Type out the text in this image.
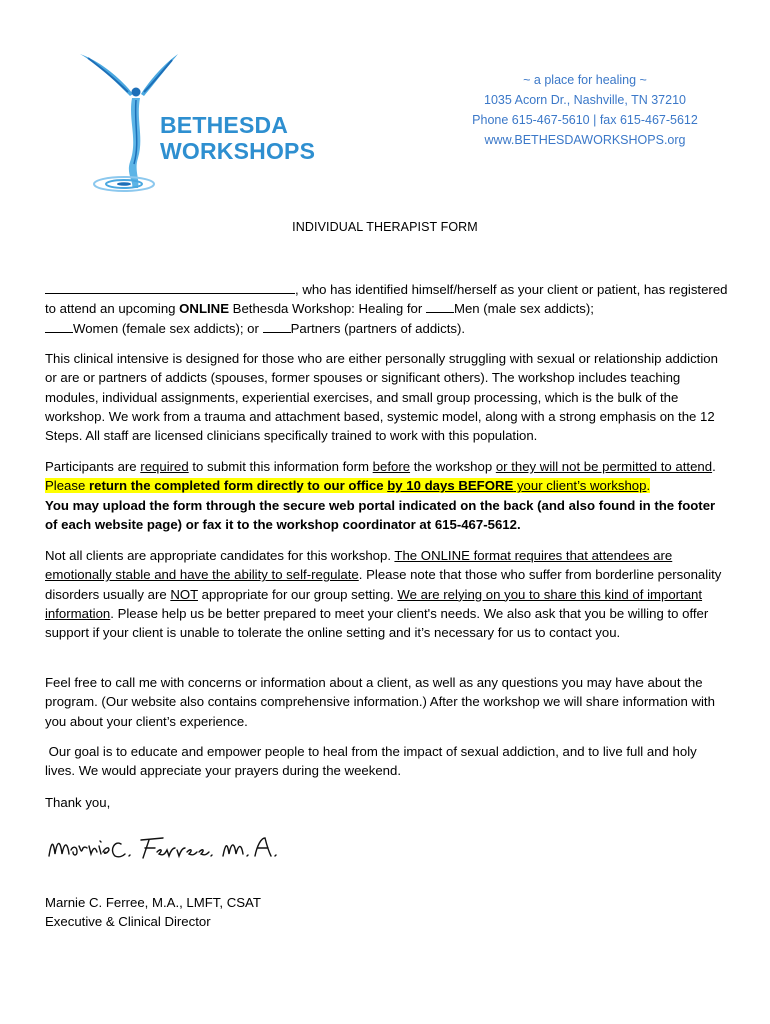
BETHESDA
WORKSHOPS
~ a place for healing ~
1035 Acorn Dr., Nashville, TN 37210
Phone 615-467-5610 | fax 615-467-5612
www.BETHESDAWORKSHOPS.org
INDIVIDUAL THERAPIST FORM

, who has identified himself/herself as your client or patient, has registered to attend an upcoming ONLINE Bethesda Workshop: Healing for Men (male sex addicts);
Women (female sex addicts); or Partners (partners of addicts).

This clinical intensive is designed for those who are either personally struggling with sexual or relationship addiction or are or partners of addicts (spouses, former spouses or significant others). The workshop includes teaching modules, individual assignments, experiential exercises, and small group processing, which is the bulk of the workshop. We work from a trauma and attachment based, systemic model, along with a strong emphasis on the 12 Steps. All staff are licensed clinicians specifically trained to work with this population.

Participants are required to submit this information form before the workshop or they will not be permitted to attend. Please return the completed form directly to our office by 10 days BEFORE your client’s workshop.
You may upload the form through the secure web portal indicated on the back (and also found in the footer of each website page) or fax it to the workshop coordinator at 615-467-5612.

Not all clients are appropriate candidates for this workshop. The ONLINE format requires that attendees are emotionally stable and have the ability to self-regulate. Please note that those who suffer from borderline personality disorders usually are NOT appropriate for our group setting. We are relying on you to share this kind of important information. Please help us be better prepared to meet your client's needs. We also ask that you be willing to offer support if your client is unable to tolerate the online setting and it’s necessary for us to contact you.

Feel free to call me with concerns or information about a client, as well as any questions you may have about the program. (Our website also contains comprehensive information.) After the workshop we will share information with you about your client’s experience.

Our goal is to educate and empower people to heal from the impact of sexual addiction, and to live full and holy lives. We would appreciate your prayers during the weekend.

Thank you,

Marnie C. Ferree, M.A., LMFT, CSAT
Executive & Clinical Director
